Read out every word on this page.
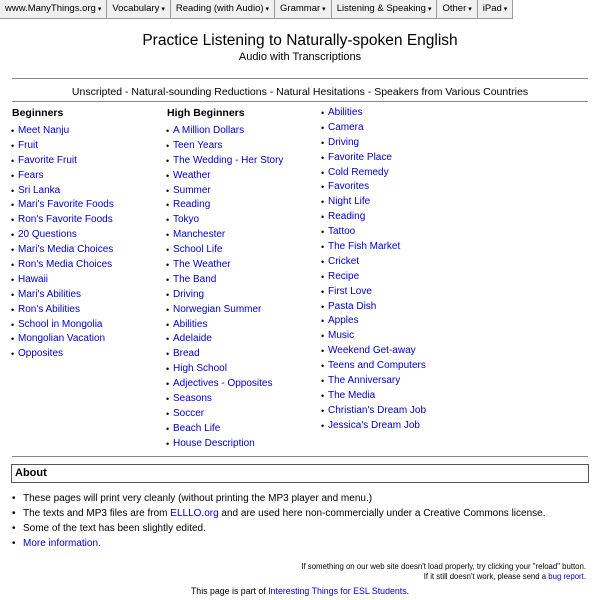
www.ManyThings.org ▾	Vocabulary ▾	Reading (with Audio) ▾	Grammar ▾	Listening & Speaking ▾	Other ▾	iPad ▾
Practice Listening to Naturally-spoken English
Audio with Transcriptions
Unscripted - Natural-sounding Reductions - Natural Hesitations - Speakers from Various Countries
Beginners
• Meet Nanju
• Fruit
• Favorite Fruit
• Fears
• Sri Lanka
• Mari's Favorite Foods
• Ron's Favorite Foods
• 20 Questions
• Mari's Media Choices
• Ron's Media Choices
• Hawaii
• Mari's Abilities
• Ron's Abilities
• School in Mongolia
• Mongolian Vacation
• Opposites
High Beginners
• A Million Dollars
• Teen Years
• The Wedding - Her Story
• Weather
• Summer
• Reading
• Tokyo
• Manchester
• School Life
• The Weather
• The Band
• Driving
• Norwegian Summer
• Abilities
• Adelaide
• Bread
• High School
• Adjectives - Opposites
• Seasons
• Soccer
• Beach Life
• House Description
• Abilities
• Camera
• Driving
• Favorite Place
• Cold Remedy
• Favorites
• Night Life
• Reading
• Tattoo
• The Fish Market
• Cricket
• Recipe
• First Love
• Pasta Dish
• Apples
• Music
• Weekend Get-away
• Teens and Computers
• The Anniversary
• The Media
• Christian's Dream Job
• Jessica's Dream Job
About
• These pages will print very cleanly (without printing the MP3 player and menu.)
• The texts and MP3 files are from ELLLO.org and are used here non-commercially under a Creative Commons license.
• Some of the text has been slightly edited.
• More information.
If something on our web site doesn't load properly, try clicking your "reload" button.
If it still doesn't work, please send a bug report.
This page is part of Interesting Things for ESL Students.
